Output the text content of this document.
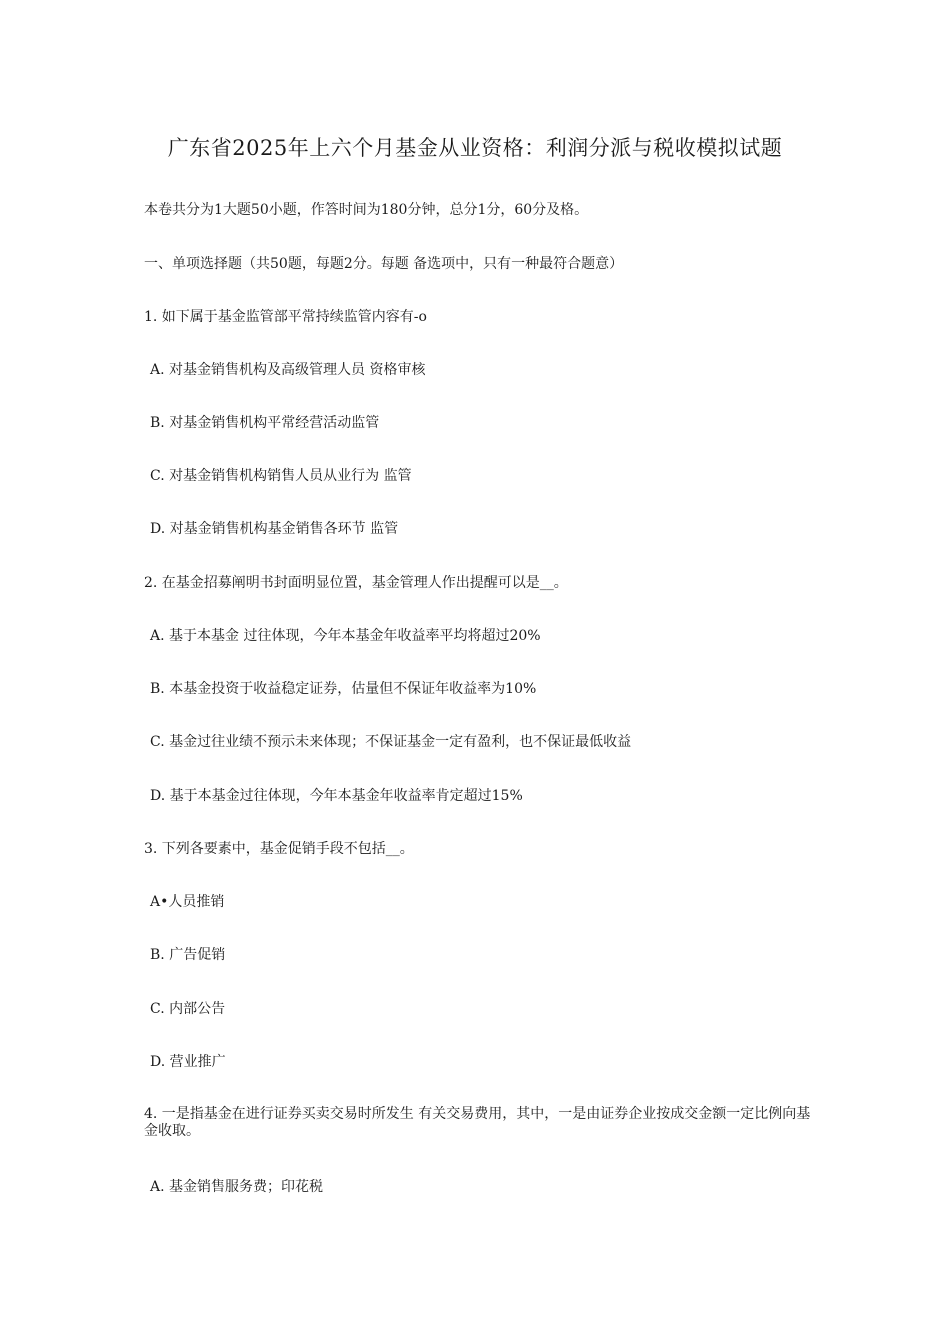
广东省2025年上六个月基金从业资格：利润分派与税收模拟试题
本卷共分为1大题50小题，作答时间为180分钟，总分1分，60分及格。
一、单项选择题（共50题，每题2分。每题 备选项中，只有一种最符合题意）
1. 如下属于基金监管部平常持续监管内容有-o
A. 对基金销售机构及高级管理人员 资格审核
B. 对基金销售机构平常经营活动监管
C. 对基金销售机构销售人员从业行为 监管
D. 对基金销售机构基金销售各环节 监管
2. 在基金招募阐明书封面明显位置，基金管理人作出提醒可以是__。
A. 基于本基金 过往体现，今年本基金年收益率平均将超过20%
B. 本基金投资于收益稳定证券，估量但不保证年收益率为10%
C. 基金过往业绩不预示未来体现；不保证基金一定有盈利，也不保证最低收益
D. 基于本基金过往体现，今年本基金年收益率肯定超过15%
3. 下列各要素中，基金促销手段不包括__。
A•人员推销
B. 广告促销
C. 内部公告
D. 营业推广
4. 一是指基金在进行证券买卖交易时所发生 有关交易费用，其中，一是由证券企业按成交金额一定比例向基金收取。
A. 基金销售服务费；印花税
